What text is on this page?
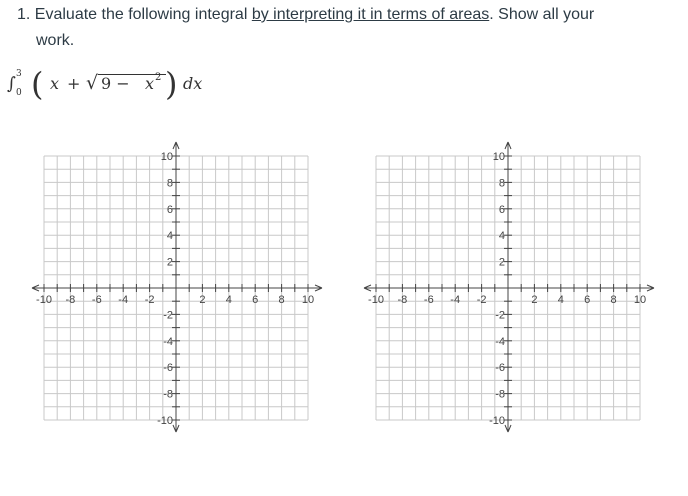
1. Evaluate the following integral by interpreting it in terms of areas. Show all your
work.
∫ 3
0 ( x + √ 9 − x 2 ) dx
-10 -8 -6 -4 -2	2 4 6 8 10
10
8
6
4
2
-2
-4
-6
-8
-10
-10 -8 -6 -4 -2	2 4 6 8 10
10
8
6
4
2
-2
-4
-6
-8
-10
